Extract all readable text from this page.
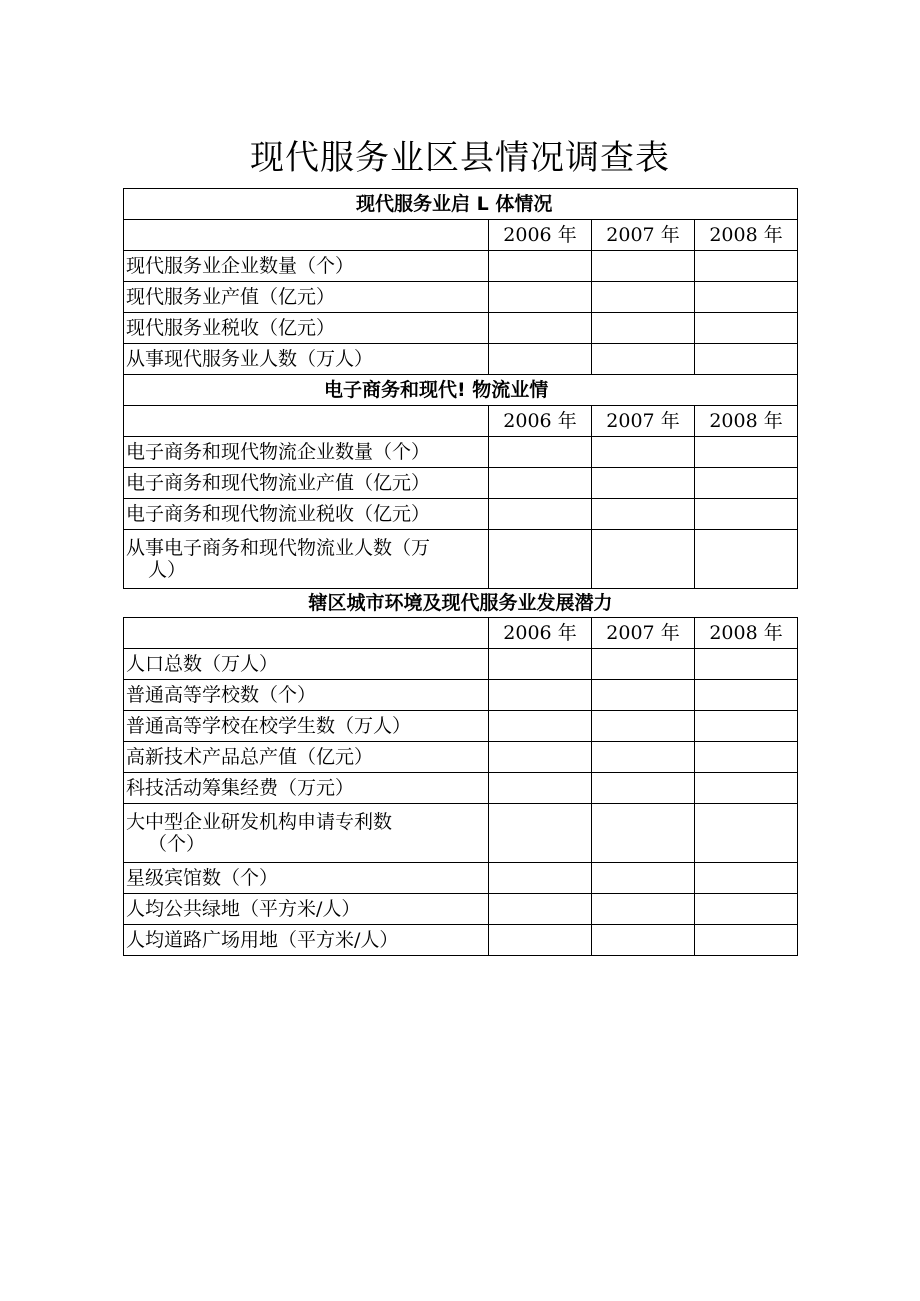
现代服务业区县情况调查表
现代服务业启 L 体情况			

	2006 年	2007 年	2008 年
现代服务业企业数量（个）			
现代服务业产值（亿元）			
现代服务业税收（亿元）			
从事现代服务业人数（万人）			

电子商务和现代! 物流业情			

	2006 年	2007 年	2008 年
电子商务和现代物流企业数量（个）			
电子商务和现代物流业产值（亿元）			
电子商务和现代物流业税收（亿元）			
从事电子商务和现代物流业人数（万
人）			

辖区城市环境及现代服务业发展潜力			

	2006 年	2007 年	2008 年
人口总数（万人）			
普通高等学校数（个）			
普通高等学校在校学生数（万人）			
高新技术产品总产值（亿元）			
科技活动筹集经费（万元）			
大中型企业研发机构申请专利数
（个）			

星级宾馆数（个）			
人均公共绿地（平方米/人）			
人均道路广场用地（平方米/人）			
